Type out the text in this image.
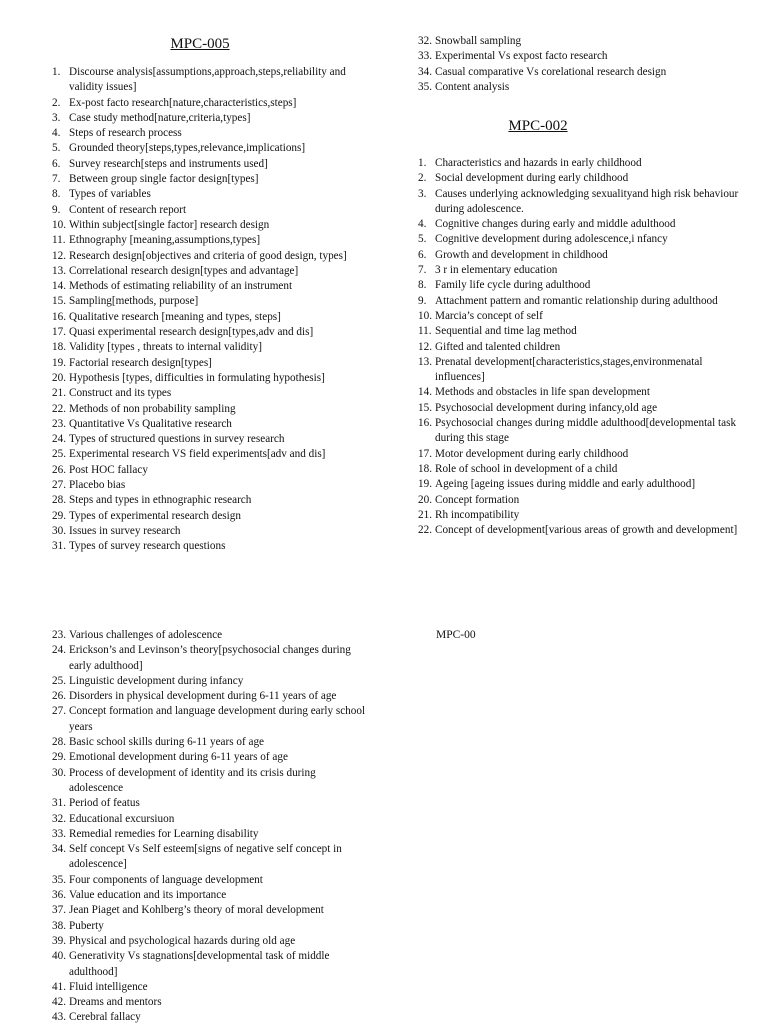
MPC-005
1. Discourse analysis[assumptions,approach,steps,reliability and validity issues]
2. Ex-post facto research[nature,characteristics,steps]
3. Case study method[nature,criteria,types]
4. Steps of research process
5. Grounded theory[steps,types,relevance,implications]
6. Survey research[steps and instruments used]
7. Between group single factor design[types]
8. Types of variables
9. Content of research report
10. Within subject[single factor] research design
11. Ethnography [meaning,assumptions,types]
12. Research design[objectives and criteria of good design, types]
13. Correlational research design[types and advantage]
14. Methods of estimating reliability of an instrument
15. Sampling[methods, purpose]
16. Qualitative research [meaning and types, steps]
17. Quasi experimental research design[types,adv and dis]
18. Validity [types , threats to internal validity]
19. Factorial research design[types]
20. Hypothesis [types, difficulties in formulating hypothesis]
21. Construct and its types
22. Methods of non probability sampling
23. Quantitative Vs Qualitative research
24. Types of structured questions in survey research
25. Experimental research VS field experiments[adv and dis]
26. Post HOC fallacy
27. Placebo bias
28. Steps and types in ethnographic research
29. Types of experimental research design
30. Issues in survey research
31. Types of survey research questions
32. Snowball sampling
33. Experimental Vs expost facto research
34. Casual comparative Vs corelational research design
35. Content analysis
MPC-002
1. Characteristics and hazards in early childhood
2. Social development during early childhood
3. Causes underlying acknowledging sexualityand high risk behaviour during adolescence.
4. Cognitive changes during early and middle adulthood
5. Cognitive development during adolescence,i nfancy
6. Growth and development in childhood
7. 3 r in elementary education
8. Family life cycle during adulthood
9. Attachment pattern and romantic relationship during adulthood
10. Marcia’s concept of self
11. Sequential and time lag method
12. Gifted and talented children
13. Prenatal development[characteristics,stages,environmenatal influences]
14. Methods and obstacles in life span development
15. Psychosocial development during infancy,old age
16. Psychosocial changes during middle adulthood[developmental task during this stage
17. Motor development during early childhood
18. Role of school in development of a child
19. Ageing [ageing issues during middle and early adulthood]
20. Concept formation
21. Rh incompatibility
22. Concept of development[various areas of growth and development]
23. Various challenges of adolescence
24. Erickson’s and Levinson’s theory[psychosocial changes during early adulthood]
25. Linguistic development during infancy
26. Disorders in physical development during 6-11 years of age
27. Concept formation and language development during early school years
28. Basic school skills during 6-11 years of age
29. Emotional development during 6-11 years of age
30. Process of development of identity and its crisis during adolescence
31. Period of featus
32. Educational excursiuon
33. Remedial remedies for Learning disability
34. Self concept Vs Self esteem[signs of negative self concept in adolescence]
35. Four components of language development
36. Value education and its importance
37. Jean Piaget and Kohlberg’s theory of moral development
38. Puberty
39. Physical and psychological hazards during old age
40. Generativity Vs stagnations[developmental task of middle adulthood]
41. Fluid intelligence
42. Dreams and mentors
43. Cerebral fallacy
MPC-00
